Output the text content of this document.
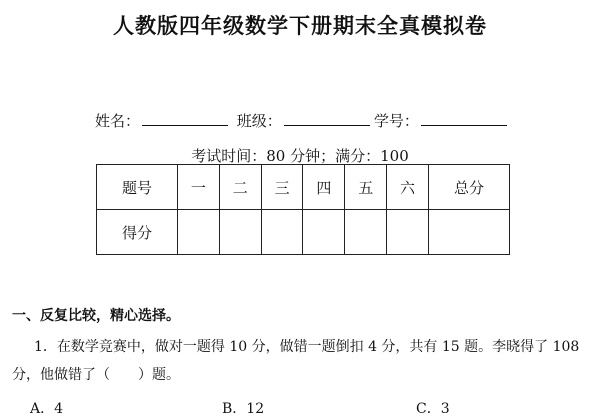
人教版四年级数学下册期末全真模拟卷
姓名：	班级：	学号：
考试时间：80 分钟；满分：100
题号	一	二	三	四	五	六	总分
得分							
一、反复比较，精心选择。
1．在数学竞赛中，做对一题得 10 分，做错一题倒扣 4 分，共有 15 题。李晓得了 108
分，他做错了（　　）题。
A．4	B．12	C．3
